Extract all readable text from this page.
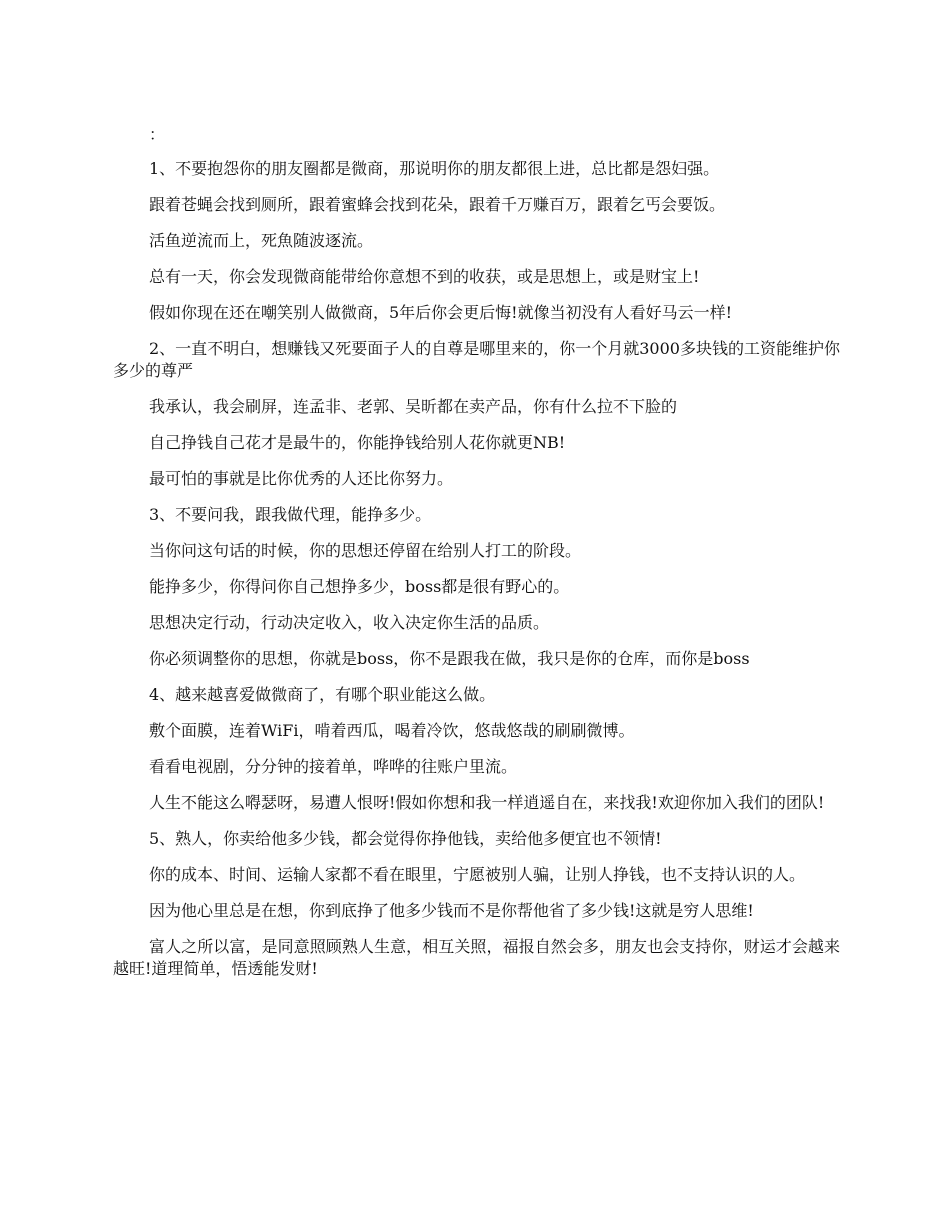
：

1、不要抱怨你的朋友圈都是微商，那说明你的朋友都很上进，总比都是怨妇强。

跟着苍蝇会找到厕所，跟着蜜蜂会找到花朵，跟着千万赚百万，跟着乞丐会要饭。

活鱼逆流而上，死魚随波逐流。

总有一天，你会发现微商能带给你意想不到的收获，或是思想上，或是财宝上!

假如你现在还在嘲笑别人做微商，5年后你会更后悔!就像当初没有人看好马云一样!

2、一直不明白，想赚钱又死要面子人的自尊是哪里来的，你一个月就3000多块钱的工资能维护你多少的尊严

我承认，我会刷屏，连孟非、老郭、吴昕都在卖产品，你有什么拉不下脸的

自己挣钱自己花才是最牛的，你能挣钱给别人花你就更NB!

最可怕的事就是比你优秀的人还比你努力。

3、不要问我，跟我做代理，能挣多少。

当你问这句话的时候，你的思想还停留在给别人打工的阶段。

能挣多少，你得问你自己想挣多少，boss都是很有野心的。

思想决定行动，行动决定收入，收入决定你生活的品质。

你必须调整你的思想，你就是boss，你不是跟我在做，我只是你的仓库，而你是boss

4、越来越喜爱做微商了，有哪个职业能这么做。

敷个面膜，连着WiFi，啃着西瓜，喝着冷饮，悠哉悠哉的刷刷微博。

看看电视剧，分分钟的接着单，哗哗的往账户里流。

人生不能这么嘚瑟呀，易遭人恨呀!假如你想和我一样逍遥自在，来找我!欢迎你加入我们的团队!

5、熟人，你卖给他多少钱，都会觉得你挣他钱，卖给他多便宜也不领情!

你的成本、时间、运输人家都不看在眼里，宁愿被别人骗，让别人挣钱，也不支持认识的人。

因为他心里总是在想，你到底挣了他多少钱而不是你帮他省了多少钱!这就是穷人思维!

富人之所以富，是同意照顾熟人生意，相互关照，福报自然会多，朋友也会支持你，财运才会越来越旺!道理简单，悟透能发财!
